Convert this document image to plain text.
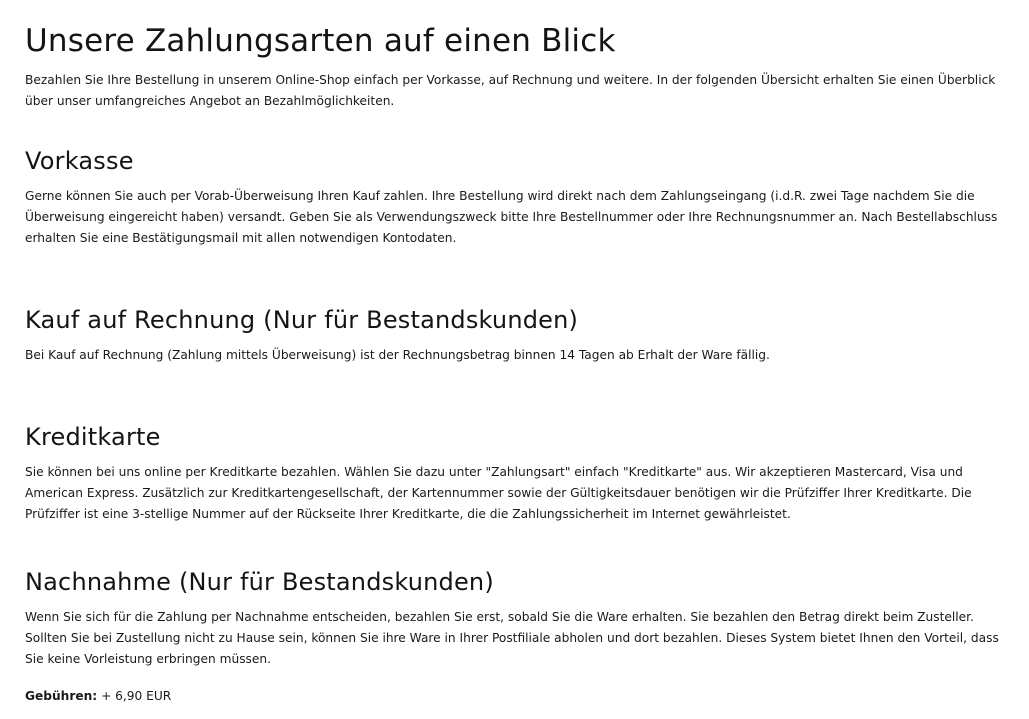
Unsere Zahlungsarten auf einen Blick

Bezahlen Sie Ihre Bestellung in unserem Online-Shop einfach per Vorkasse, auf Rechnung und weitere. In der folgenden Übersicht erhalten Sie einen Überblick über unser umfangreiches Angebot an Bezahlmöglichkeiten.

Vorkasse

Gerne können Sie auch per Vorab-Überweisung Ihren Kauf zahlen. Ihre Bestellung wird direkt nach dem Zahlungseingang (i.d.R. zwei Tage nachdem Sie die Überweisung eingereicht haben) versandt. Geben Sie als Verwendungszweck bitte Ihre Bestellnummer oder Ihre Rechnungsnummer an. Nach Bestellabschluss erhalten Sie eine Bestätigungsmail mit allen notwendigen Kontodaten.

Kauf auf Rechnung (Nur für Bestandskunden)

Bei Kauf auf Rechnung (Zahlung mittels Überweisung) ist der Rechnungsbetrag binnen 14 Tagen ab Erhalt der Ware fällig.

Kreditkarte

Sie können bei uns online per Kreditkarte bezahlen. Wählen Sie dazu unter "Zahlungsart" einfach "Kreditkarte" aus. Wir akzeptieren Mastercard, Visa und American Express. Zusätzlich zur Kreditkartengesellschaft, der Kartennummer sowie der Gültigkeitsdauer benötigen wir die Prüfziffer Ihrer Kreditkarte. Die Prüfziffer ist eine 3-stellige Nummer auf der Rückseite Ihrer Kreditkarte, die die Zahlungssicherheit im Internet gewährleistet.

Nachnahme (Nur für Bestandskunden)

Wenn Sie sich für die Zahlung per Nachnahme entscheiden, bezahlen Sie erst, sobald Sie die Ware erhalten. Sie bezahlen den Betrag direkt beim Zusteller. Sollten Sie bei Zustellung nicht zu Hause sein, können Sie ihre Ware in Ihrer Postfiliale abholen und dort bezahlen. Dieses System bietet Ihnen den Vorteil, dass Sie keine Vorleistung erbringen müssen.

Gebühren: + 6,90 EUR
